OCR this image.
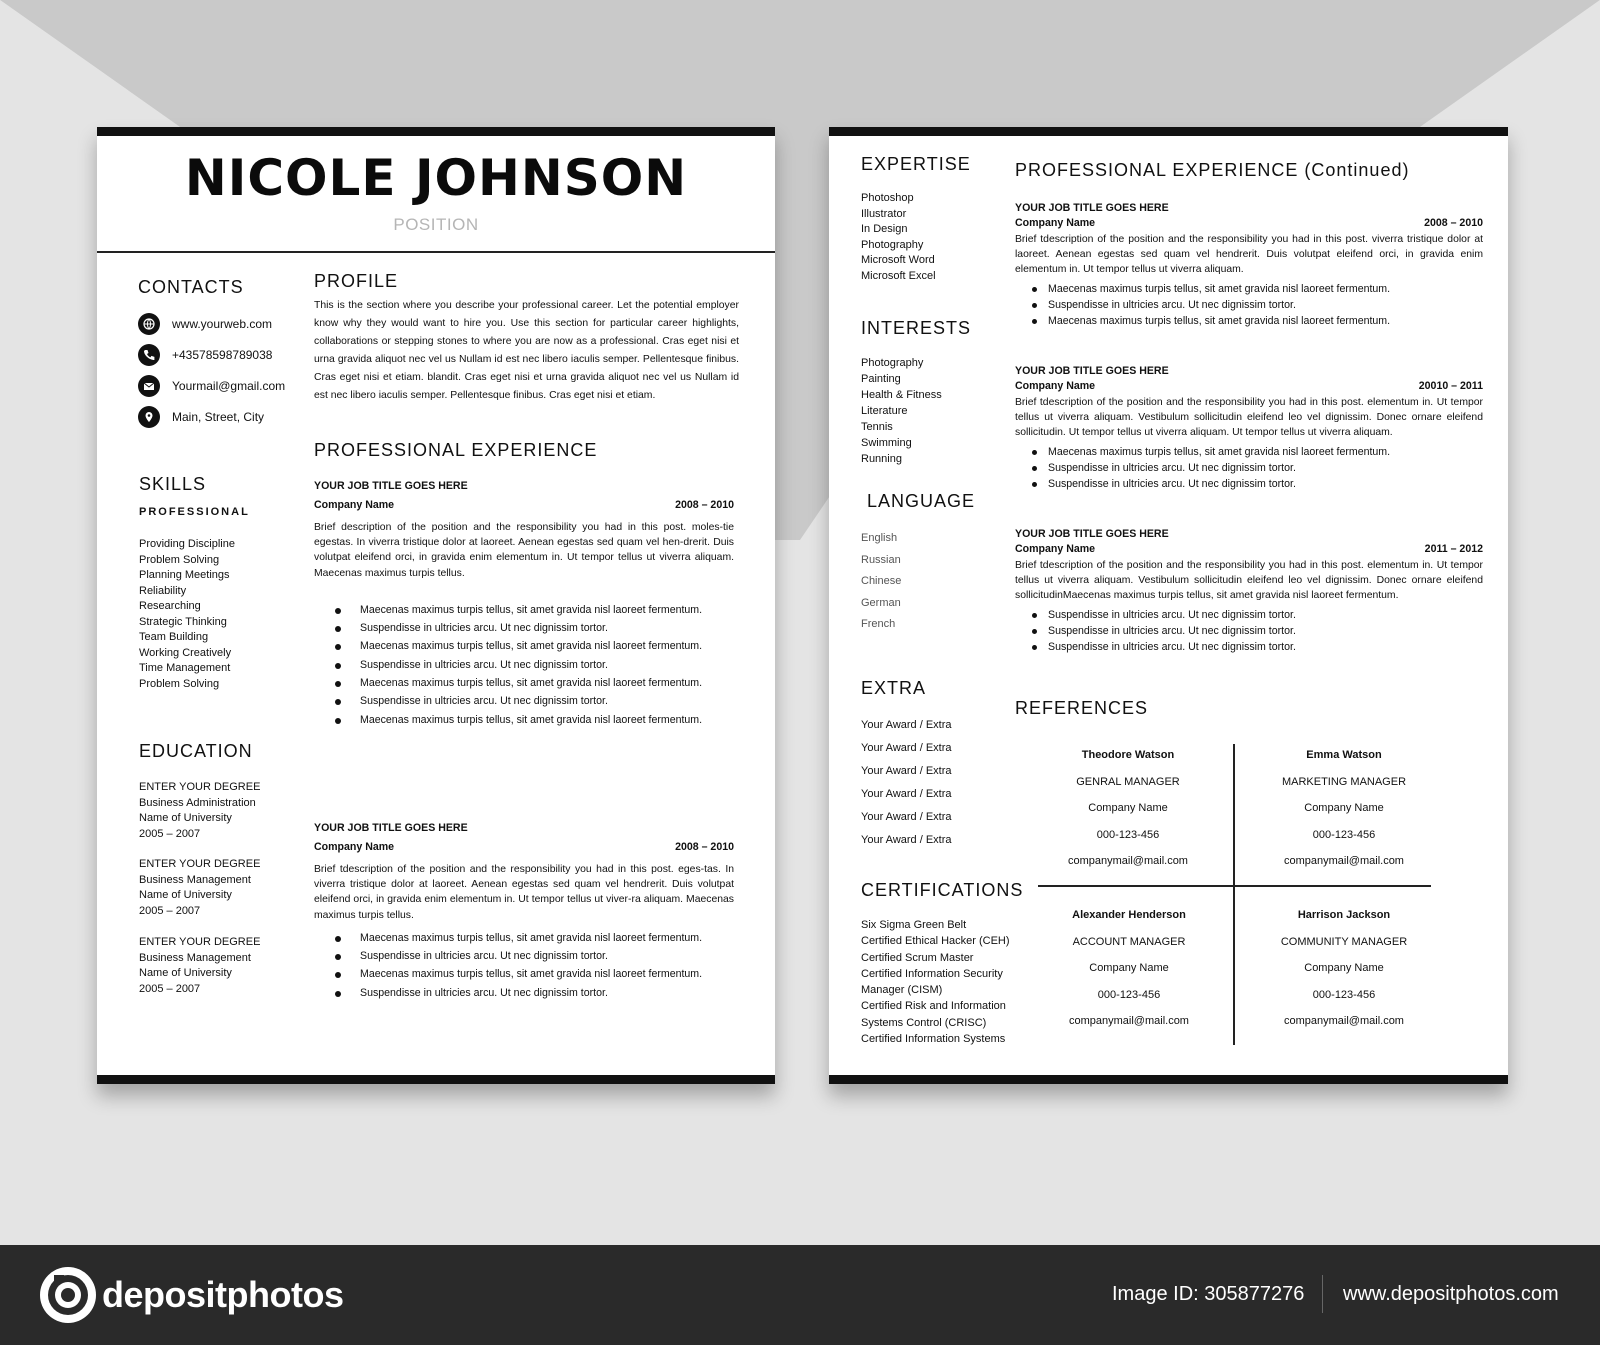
NICOLE JOHNSON
POSITION
CONTACTS
www.yourweb.com
+43578598789038
Yourmail@gmail.com
Main, Street, City
SKILLS
PROFESSIONAL
Providing Discipline
Problem Solving
Planning Meetings
Reliability
Researching
Strategic Thinking
Team Building
Working Creatively
Time Management
Problem Solving
EDUCATION
ENTER YOUR DEGREE
Business Administration
Name of University
2005 – 2007
ENTER YOUR DEGREE
Business Management
Name of University
2005 – 2007
ENTER YOUR DEGREE
Business Management
Name of University
2005 – 2007
PROFILE
This is the section where you describe your professional career. Let the potential employer know why they would want to hire you. Use this section for particular career highlights, collaborations or stepping stones to where you are now as a professional. Cras eget nisi et urna gravida aliquot nec vel us Nullam id est nec libero iaculis semper. Pellentesque finibus. Cras eget nisi et etiam. blandit. Cras eget nisi et urna gravida aliquot nec vel us Nullam id est nec libero iaculis semper. Pellentesque finibus. Cras eget nisi et etiam.
PROFESSIONAL EXPERIENCE
YOUR JOB TITLE GOES HERE
Company Name	2008 – 2010
Brief description of the position and the responsibility you had in this post. moles-tie egestas. In viverra tristique dolor at laoreet. Aenean egestas sed quam vel hen-drerit. Duis volutpat eleifend orci, in gravida enim elementum in. Ut tempor tellus ut viverra aliquam. Maecenas maximus turpis tellus.
Maecenas maximus turpis tellus, sit amet gravida nisl laoreet fermentum.
Suspendisse in ultricies arcu. Ut nec dignissim tortor.
Maecenas maximus turpis tellus, sit amet gravida nisl laoreet fermentum.
Suspendisse in ultricies arcu. Ut nec dignissim tortor.
Maecenas maximus turpis tellus, sit amet gravida nisl laoreet fermentum.
Suspendisse in ultricies arcu. Ut nec dignissim tortor.
Maecenas maximus turpis tellus, sit amet gravida nisl laoreet fermentum.
YOUR JOB TITLE GOES HERE
Company Name	2008 – 2010
Brief tdescription of the position and the responsibility you had in this post. eges-tas. In viverra tristique dolor at laoreet. Aenean egestas sed quam vel hendrerit. Duis volutpat eleifend orci, in gravida enim elementum in. Ut tempor tellus ut viver-ra aliquam. Maecenas maximus turpis tellus.
Maecenas maximus turpis tellus, sit amet gravida nisl laoreet fermentum.
Suspendisse in ultricies arcu. Ut nec dignissim tortor.
Maecenas maximus turpis tellus, sit amet gravida nisl laoreet fermentum.
Suspendisse in ultricies arcu. Ut nec dignissim tortor.
EXPERTISE
Photoshop
Illustrator
In Design
Photography
Microsoft Word
Microsoft Excel
INTERESTS
Photography
Painting
Health & Fitness
Literature
Tennis
Swimming
Running
LANGUAGE
English
Russian
Chinese
German
French
EXTRA
Your Award / Extra
Your Award / Extra
Your Award / Extra
Your Award / Extra
Your Award / Extra
Your Award / Extra
CERTIFICATIONS
Six Sigma Green Belt
Certified Ethical Hacker (CEH)
Certified Scrum Master
Certified Information Security
Manager (CISM)
Certified Risk and Information
Systems Control (CRISC)
Certified Information Systems
PROFESSIONAL EXPERIENCE (Continued)
YOUR JOB TITLE GOES HERE
Company Name	2008 – 2010
Brief tdescription of the position and the responsibility you had in this post. viverra tristique dolor at laoreet. Aenean egestas sed quam vel hendrerit. Duis volutpat eleifend orci, in gravida enim elementum in. Ut tempor tellus ut viverra aliquam.
Maecenas maximus turpis tellus, sit amet gravida nisl laoreet fermentum.
Suspendisse in ultricies arcu. Ut nec dignissim tortor.
Maecenas maximus turpis tellus, sit amet gravida nisl laoreet fermentum.
YOUR JOB TITLE GOES HERE
Company Name	20010 – 2011
Brief tdescription of the position and the responsibility you had in this post. elementum in. Ut tempor tellus ut viverra aliquam. Vestibulum sollicitudin eleifend leo vel dignissim. Donec ornare eleifend sollicitudin. Ut tempor tellus ut viverra aliquam. Ut tempor tellus ut viverra aliquam.
Maecenas maximus turpis tellus, sit amet gravida nisl laoreet fermentum.
Suspendisse in ultricies arcu. Ut nec dignissim tortor.
Suspendisse in ultricies arcu. Ut nec dignissim tortor.
YOUR JOB TITLE GOES HERE
Company Name	2011 – 2012
Brief tdescription of the position and the responsibility you had in this post. elementum in. Ut tempor tellus ut viverra aliquam. Vestibulum sollicitudin eleifend leo vel dignissim. Donec ornare eleifend sollicitudinMaecenas maximus turpis tellus, sit amet gravida nisl laoreet fermentum.
Suspendisse in ultricies arcu. Ut nec dignissim tortor.
Suspendisse in ultricies arcu. Ut nec dignissim tortor.
Suspendisse in ultricies arcu. Ut nec dignissim tortor.
REFERENCES
Theodore Watson
GENRAL MANAGER
Company Name
000-123-456
companymail@mail.com
Emma Watson
MARKETING MANAGER
Company Name
000-123-456
companymail@mail.com
Alexander Henderson
ACCOUNT MANAGER
Company Name
000-123-456
companymail@mail.com
Harrison Jackson
COMMUNITY MANAGER
Company Name
000-123-456
companymail@mail.com
depositphotos	Image ID: 305877276 www.depositphotos.com
